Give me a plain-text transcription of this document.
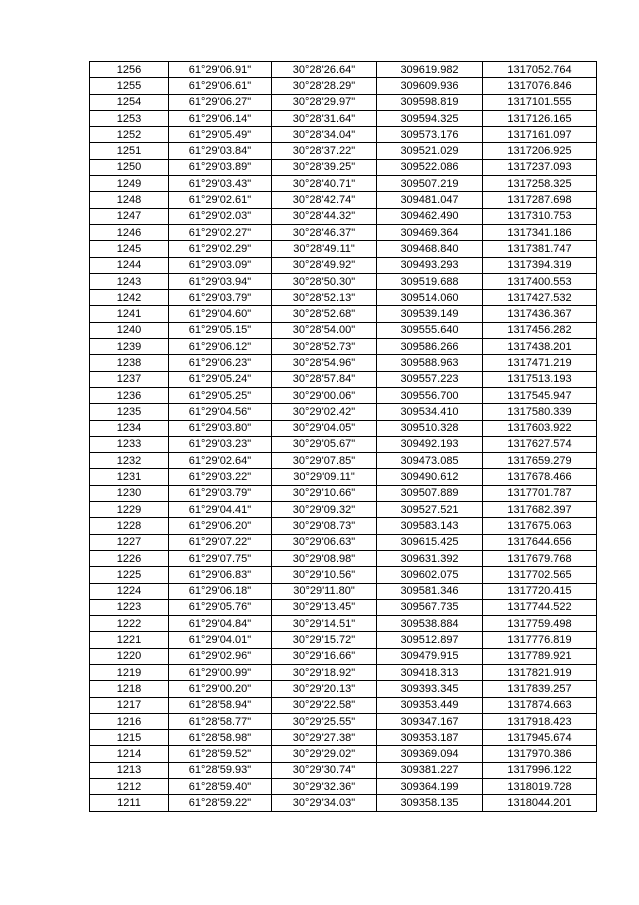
1256	61°29'06.91"	30°28'26.64"	309619.982	1317052.764
1255	61°29'06.61"	30°28'28.29"	309609.936	1317076.846
1254	61°29'06.27"	30°28'29.97"	309598.819	1317101.555
1253	61°29'06.14"	30°28'31.64"	309594.325	1317126.165
1252	61°29'05.49"	30°28'34.04"	309573.176	1317161.097
1251	61°29'03.84"	30°28'37.22"	309521.029	1317206.925
1250	61°29'03.89"	30°28'39.25"	309522.086	1317237.093
1249	61°29'03.43"	30°28'40.71"	309507.219	1317258.325
1248	61°29'02.61"	30°28'42.74"	309481.047	1317287.698
1247	61°29'02.03"	30°28'44.32"	309462.490	1317310.753
1246	61°29'02.27"	30°28'46.37"	309469.364	1317341.186
1245	61°29'02.29"	30°28'49.11"	309468.840	1317381.747
1244	61°29'03.09"	30°28'49.92"	309493.293	1317394.319
1243	61°29'03.94"	30°28'50.30"	309519.688	1317400.553
1242	61°29'03.79"	30°28'52.13"	309514.060	1317427.532
1241	61°29'04.60"	30°28'52.68"	309539.149	1317436.367
1240	61°29'05.15"	30°28'54.00"	309555.640	1317456.282
1239	61°29'06.12"	30°28'52.73"	309586.266	1317438.201
1238	61°29'06.23"	30°28'54.96"	309588.963	1317471.219
1237	61°29'05.24"	30°28'57.84"	309557.223	1317513.193
1236	61°29'05.25"	30°29'00.06"	309556.700	1317545.947
1235	61°29'04.56"	30°29'02.42"	309534.410	1317580.339
1234	61°29'03.80"	30°29'04.05"	309510.328	1317603.922
1233	61°29'03.23"	30°29'05.67"	309492.193	1317627.574
1232	61°29'02.64"	30°29'07.85"	309473.085	1317659.279
1231	61°29'03.22"	30°29'09.11"	309490.612	1317678.466
1230	61°29'03.79"	30°29'10.66"	309507.889	1317701.787
1229	61°29'04.41"	30°29'09.32"	309527.521	1317682.397
1228	61°29'06.20"	30°29'08.73"	309583.143	1317675.063
1227	61°29'07.22"	30°29'06.63"	309615.425	1317644.656
1226	61°29'07.75"	30°29'08.98"	309631.392	1317679.768
1225	61°29'06.83"	30°29'10.56"	309602.075	1317702.565
1224	61°29'06.18"	30°29'11.80"	309581.346	1317720.415
1223	61°29'05.76"	30°29'13.45"	309567.735	1317744.522
1222	61°29'04.84"	30°29'14.51"	309538.884	1317759.498
1221	61°29'04.01"	30°29'15.72"	309512.897	1317776.819
1220	61°29'02.96"	30°29'16.66"	309479.915	1317789.921
1219	61°29'00.99"	30°29'18.92"	309418.313	1317821.919
1218	61°29'00.20"	30°29'20.13"	309393.345	1317839.257
1217	61°28'58.94"	30°29'22.58"	309353.449	1317874.663
1216	61°28'58.77"	30°29'25.55"	309347.167	1317918.423
1215	61°28'58.98"	30°29'27.38"	309353.187	1317945.674
1214	61°28'59.52"	30°29'29.02"	309369.094	1317970.386
1213	61°28'59.93"	30°29'30.74"	309381.227	1317996.122
1212	61°28'59.40"	30°29'32.36"	309364.199	1318019.728
1211	61°28'59.22"	30°29'34.03"	309358.135	1318044.201
